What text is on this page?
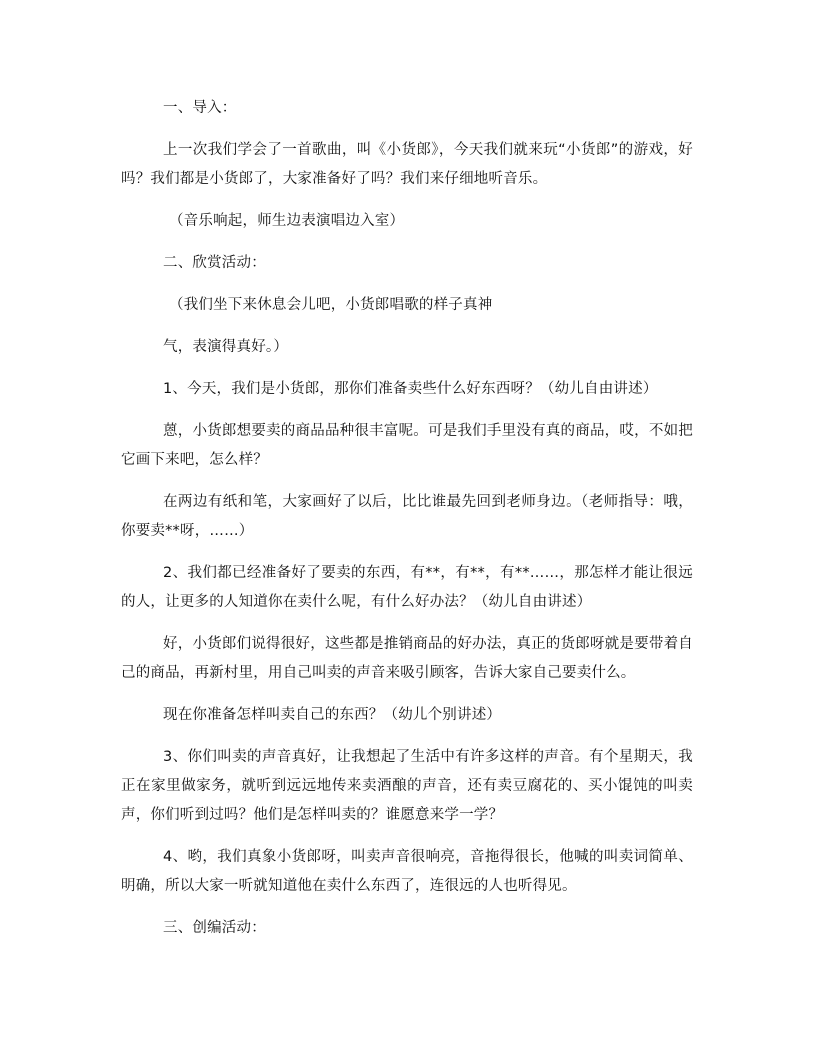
一、导入：

上一次我们学会了一首歌曲，叫《小货郎》，今天我们就来玩“小货郎”的游戏，好吗？我们都是小货郎了，大家准备好了吗？我们来仔细地听音乐。

（音乐响起，师生边表演唱边入室）

二、欣赏活动：

（我们坐下来休息会儿吧，小货郎唱歌的样子真神

气，表演得真好。）

1、今天，我们是小货郎，那你们准备卖些什么好东西呀？（幼儿自由讲述）

蒽，小货郎想要卖的商品品种很丰富呢。可是我们手里没有真的商品，哎，不如把它画下来吧，怎么样？

在两边有纸和笔，大家画好了以后，比比谁最先回到老师身边。（老师指导：哦，你要卖**呀，……）

2、我们都已经准备好了要卖的东西，有**，有**，有**……，那怎样才能让很远的人，让更多的人知道你在卖什么呢，有什么好办法？（幼儿自由讲述）

好，小货郎们说得很好，这些都是推销商品的好办法，真正的货郎呀就是要带着自己的商品，再新村里，用自己叫卖的声音来吸引顾客，告诉大家自己要卖什么。

现在你准备怎样叫卖自己的东西？（幼儿个别讲述）

3、你们叫卖的声音真好，让我想起了生活中有许多这样的声音。有个星期天，我正在家里做家务，就听到远远地传来卖酒酿的声音，还有卖豆腐花的、买小馄饨的叫卖声，你们听到过吗？他们是怎样叫卖的？谁愿意来学一学？

4、哟，我们真象小货郎呀，叫卖声音很响亮，音拖得很长，他喊的叫卖词简单、明确，所以大家一听就知道他在卖什么东西了，连很远的人也听得见。

三、创编活动：
